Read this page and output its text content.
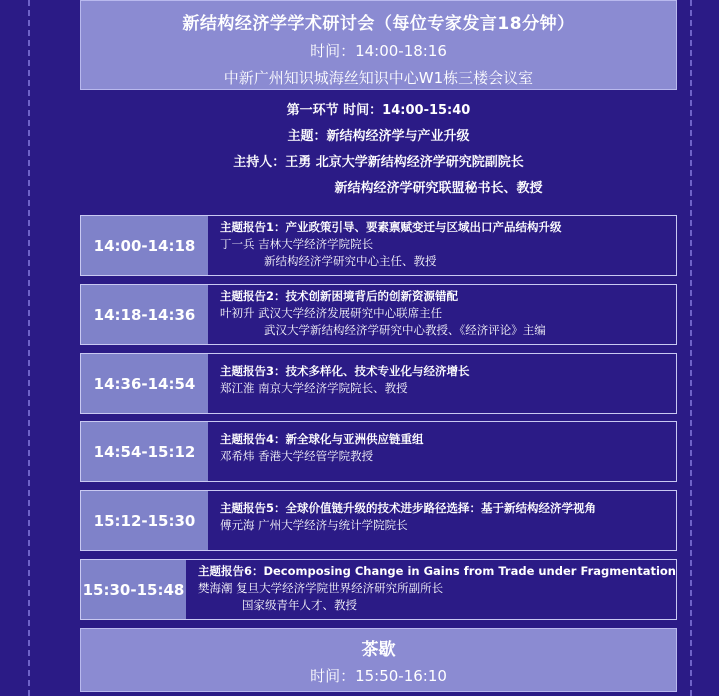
新结构经济学学术研讨会（每位专家发言18分钟）
时间：14:00-18:16
中新广州知识城海丝知识中心W1栋三楼会议室
第一环节 时间：14:00-15:40
主题：新结构经济学与产业升级
主持人：王勇 北京大学新结构经济学研究院副院长
新结构经济学研究联盟秘书长、教授
14:00-14:18
主题报告1：产业政策引导、要素禀赋变迁与区域出口产品结构升级
丁一兵 吉林大学经济学院院长
新结构经济学研究中心主任、教授
14:18-14:36
主题报告2：技术创新困境背后的创新资源错配
叶初升 武汉大学经济发展研究中心联席主任
武汉大学新结构经济学研究中心教授、《经济评论》主编
14:36-14:54
主题报告3：技术多样化、技术专业化与经济增长
郑江淮 南京大学经济学院院长、教授
14:54-15:12
主题报告4：新全球化与亚洲供应链重组
邓希炜 香港大学经管学院教授
15:12-15:30
主题报告5：全球价值链升级的技术进步路径选择：基于新结构经济学视角
傅元海 广州大学经济与统计学院院长
15:30-15:48
主题报告6：Decomposing Change in Gains from Trade under Fragmentation
樊海潮 复旦大学经济学院世界经济研究所副所长
国家级青年人才、教授
茶歇
时间：15:50-16:10
